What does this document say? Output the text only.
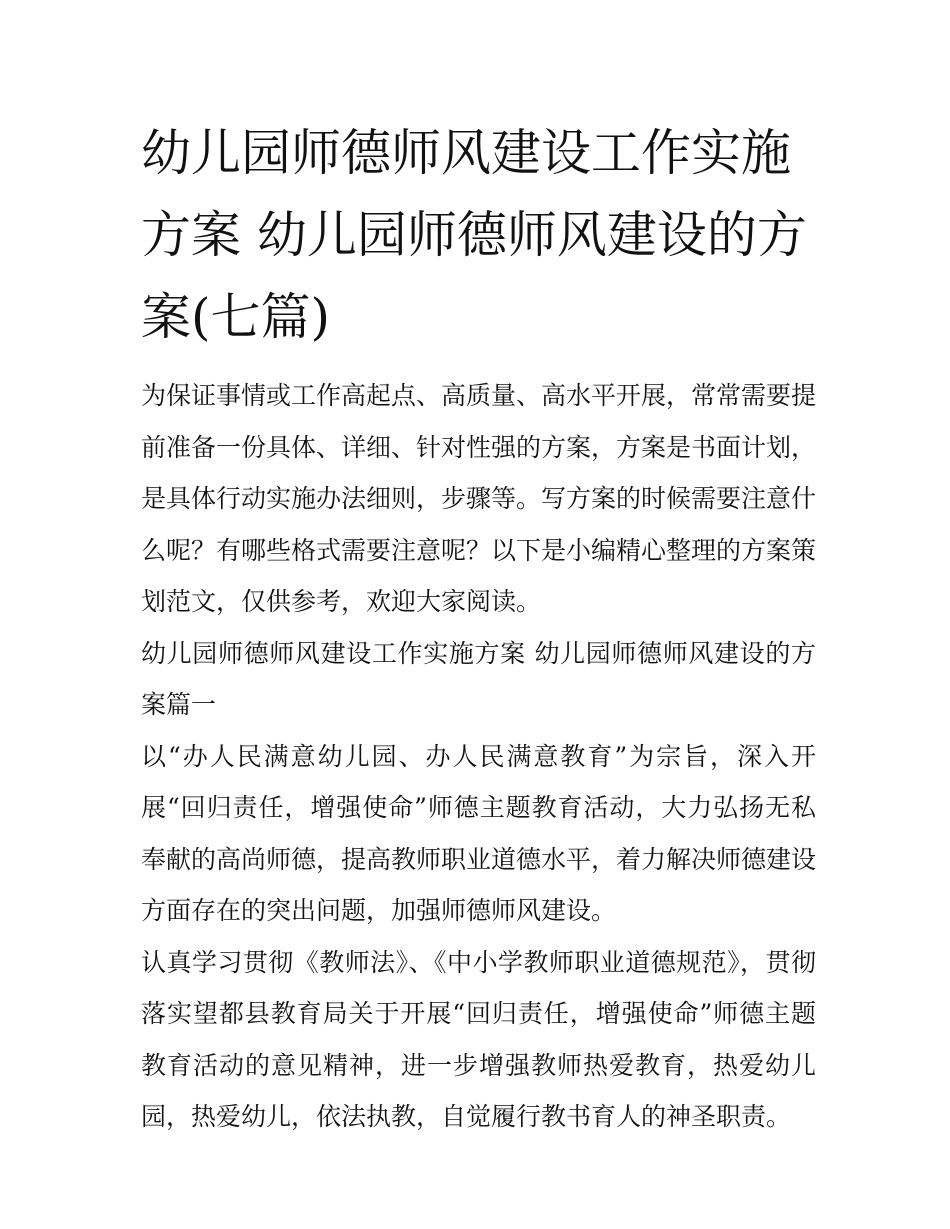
幼儿园师德师风建设工作实施方案 幼儿园师德师风建设的方案(七篇)

为保证事情或工作高起点、高质量、高水平开展，常常需要提前准备一份具体、详细、针对性强的方案，方案是书面计划，是具体行动实施办法细则，步骤等。写方案的时候需要注意什么呢？有哪些格式需要注意呢？以下是小编精心整理的方案策划范文，仅供参考，欢迎大家阅读。

幼儿园师德师风建设工作实施方案 幼儿园师德师风建设的方案篇一

以“办人民满意幼儿园、办人民满意教育”为宗旨，深入开展“回归责任，增强使命”师德主题教育活动，大力弘扬无私奉献的高尚师德，提高教师职业道德水平，着力解决师德建设方面存在的突出问题，加强师德师风建设。

认真学习贯彻《教师法》、《中小学教师职业道德规范》，贯彻落实望都县教育局关于开展“回归责任，增强使命”师德主题教育活动的意见精神，进一步增强教师热爱教育，热爱幼儿园，热爱幼儿，依法执教，自觉履行教书育人的神圣职责。
